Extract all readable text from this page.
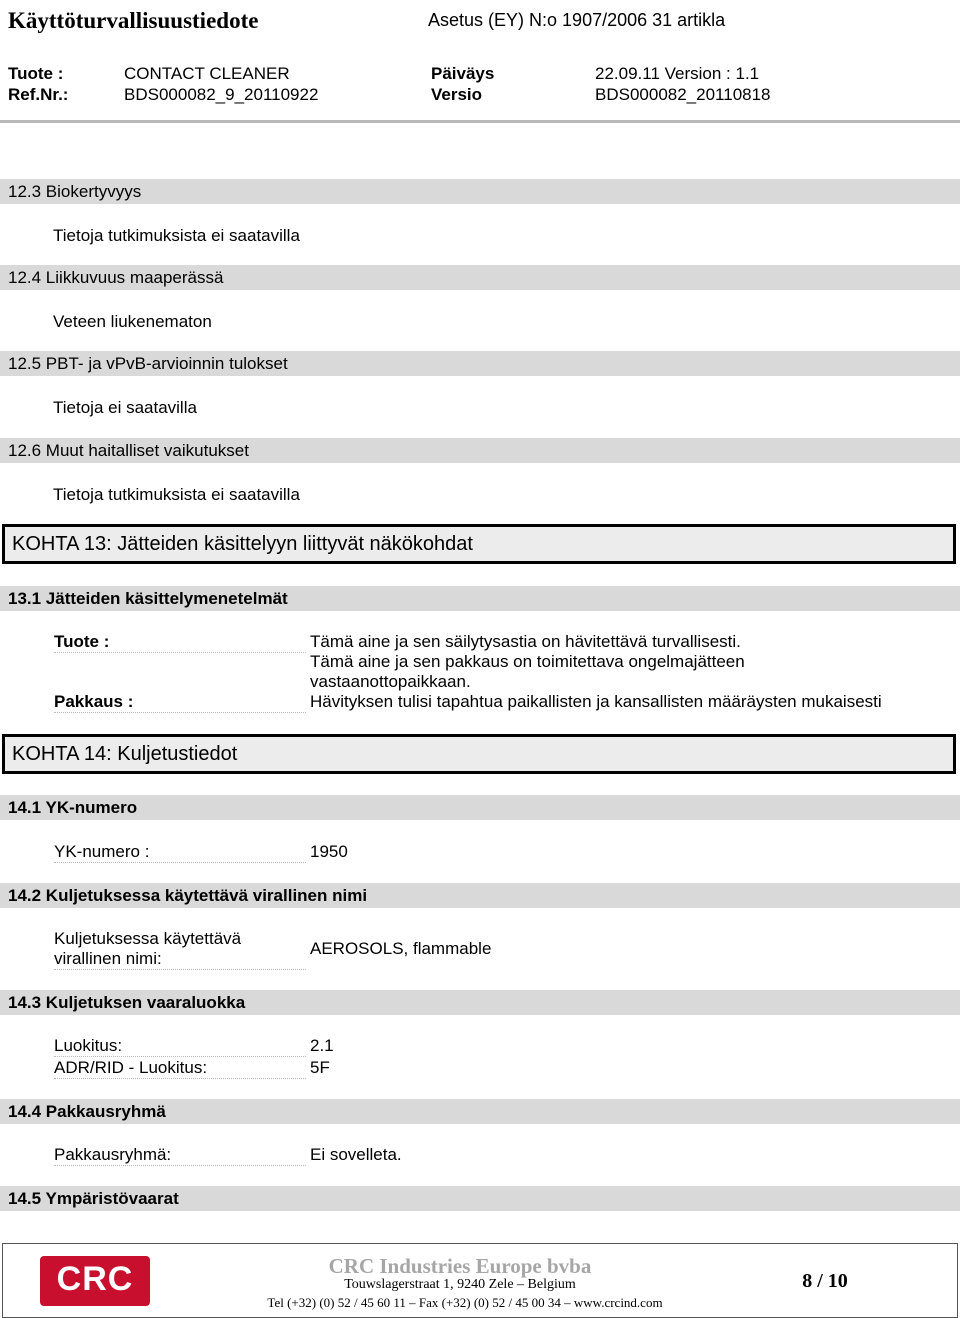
Käyttöturvallisuustiedote	Asetus (EY) N:o 1907/2006 31 artikla
Tuote :	CONTACT CLEANER	Päiväys	22.09.11 Version : 1.1
Ref.Nr.:	BDS000082_9_20110922	Versio	BDS000082_20110818
12.3 Biokertyvyys
Tietoja tutkimuksista ei saatavilla
12.4 Liikkuvuus maaperässä
Veteen liukenematon
12.5 PBT- ja vPvB-arvioinnin tulokset
Tietoja ei saatavilla
12.6 Muut haitalliset vaikutukset
Tietoja tutkimuksista ei saatavilla
KOHTA 13: Jätteiden käsittelyyn liittyvät näkökohdat
13.1 Jätteiden käsittelymenetelmät
Tuote :	Tämä aine ja sen säilytysastia on hävitettävä turvallisesti.
Tämä aine ja sen pakkaus on toimitettava ongelmajätteen
vastaanottopaikkaan.
Pakkaus :	Hävityksen tulisi tapahtua paikallisten ja kansallisten määräysten mukaisesti
KOHTA 14: Kuljetustiedot
14.1 YK-numero
YK-numero :	1950
14.2 Kuljetuksessa käytettävä virallinen nimi
Kuljetuksessa käytettävä
virallinen nimi:
AEROSOLS, flammable
14.3 Kuljetuksen vaaraluokka
Luokitus:	2.1
ADR/RID - Luokitus:	5F
14.4 Pakkausryhmä
Pakkausryhmä:	Ei sovelleta.
14.5 Ympäristövaarat
CRC	CRC Industries Europe bvba
Touwslagerstraat 1, 9240 Zele – Belgium
Tel (+32) (0) 52 / 45 60 11 – Fax (+32) (0) 52 / 45 00 34 – www.crcind.com
8 / 10
